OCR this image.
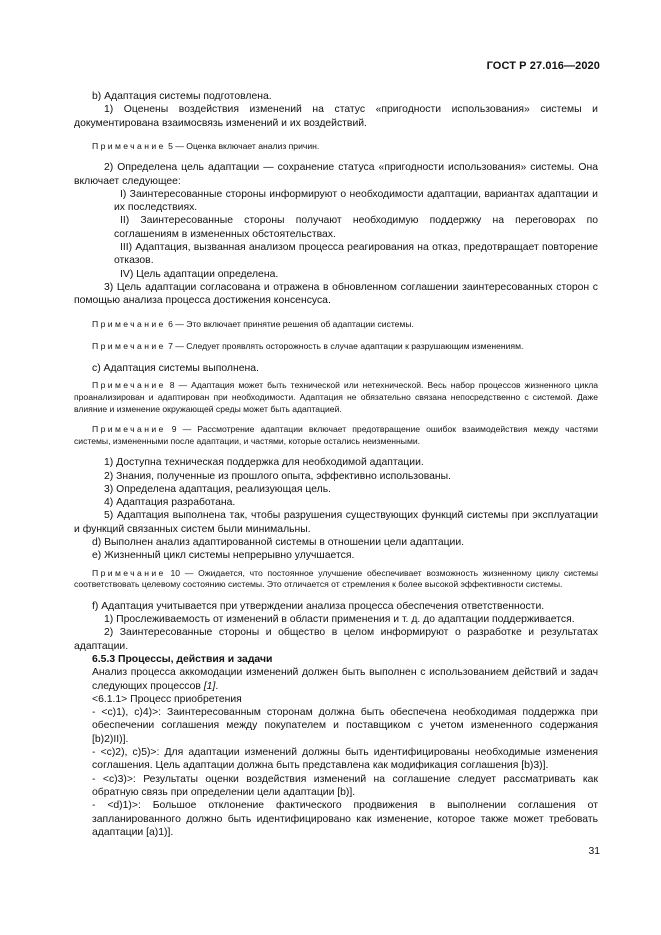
ГОСТ Р 27.016—2020

b) Адаптация системы подготовлена.

1) Оценены воздействия изменений на статус «пригодности использования» системы и документирована взаимосвязь изменений и их воздействий.

Примечание 5 — Оценка включает анализ причин.

2) Определена цель адаптации — сохранение статуса «пригодности использования» системы. Она включает следующее:

I) Заинтересованные стороны информируют о необходимости адаптации, вариантах адаптации и их последствиях.

II) Заинтересованные стороны получают необходимую поддержку на переговорах по соглашениям в измененных обстоятельствах.

III) Адаптация, вызванная анализом процесса реагирования на отказ, предотвращает повторение отказов.

IV) Цель адаптации определена.

3) Цель адаптации согласована и отражена в обновленном соглашении заинтересованных сторон с помощью анализа процесса достижения консенсуса.

Примечание 6 — Это включает принятие решения об адаптации системы.

Примечание 7 — Следует проявлять осторожность в случае адаптации к разрушающим изменениям.

c) Адаптация системы выполнена.

Примечание 8 — Адаптация может быть технической или нетехнической. Весь набор процессов жизненного цикла проанализирован и адаптирован при необходимости. Адаптация не обязательно связана непосредственно с системой. Даже влияние и изменение окружающей среды может быть адаптацией.

Примечание 9 — Рассмотрение адаптации включает предотвращение ошибок взаимодействия между частями системы, измененными после адаптации, и частями, которые остались неизменными.

1) Доступна техническая поддержка для необходимой адаптации.

2) Знания, полученные из прошлого опыта, эффективно использованы.

3) Определена адаптация, реализующая цель.

4) Адаптация разработана.

5) Адаптация выполнена так, чтобы разрушения существующих функций системы при эксплуатации и функций связанных систем были минимальны.

d) Выполнен анализ адаптированной системы в отношении цели адаптации.

e) Жизненный цикл системы непрерывно улучшается.

Примечание 10 — Ожидается, что постоянное улучшение обеспечивает возможность жизненному циклу системы соответствовать целевому состоянию системы. Это отличается от стремления к более высокой эффективности системы.

f) Адаптация учитывается при утверждении анализа процесса обеспечения ответственности.

1) Прослеживаемость от изменений в области применения и т. д. до адаптации поддерживается.

2) Заинтересованные стороны и общество в целом информируют о разработке и результатах адаптации.

6.5.3 Процессы, действия и задачи

Анализ процесса аккомодации изменений должен быть выполнен с использованием действий и задач следующих процессов [1].

<6.1.1> Процесс приобретения

- <c)1), c)4)>: Заинтересованным сторонам должна быть обеспечена необходимая поддержка при обеспечении соглашения между покупателем и поставщиком с учетом измененного содержания [b)2)II)].

- <c)2), c)5)>: Для адаптации изменений должны быть идентифицированы необходимые изменения соглашения. Цель адаптации должна быть представлена как модификация соглашения [b)3)].

- <c)3)>: Результаты оценки воздействия изменений на соглашение следует рассматривать как обратную связь при определении цели адаптации [b)].

- <d)1)>: Большое отклонение фактического продвижения в выполнении соглашения от запланированного должно быть идентифицировано как изменение, которое также может требовать адаптации [a)1)].

31
